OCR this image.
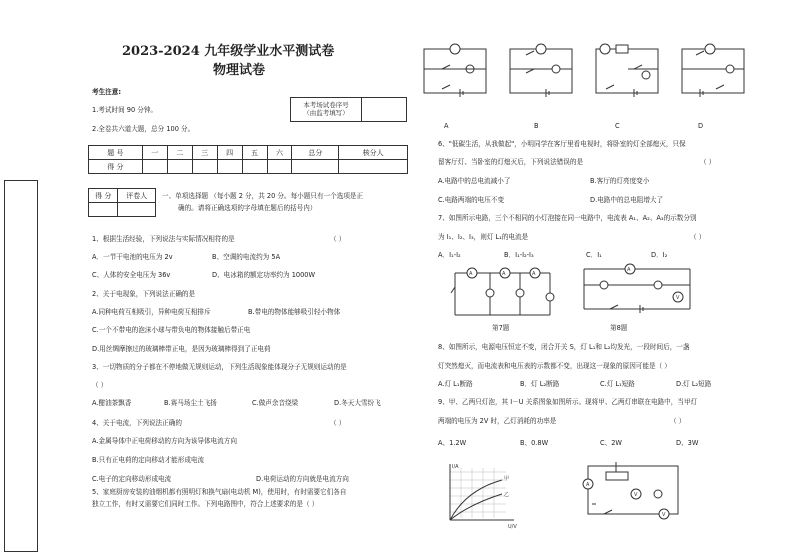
2023-2024 九年级学业水平测试卷
物理试卷
考生注意:
1.考试时间 90 分钟。
2.全卷共六道大题，总分 100 分。
本考场试卷序号
（由监考填写）	
题 号	一	二	三	四	五	六	总分	核分人
得 分								
得 分	评卷人
	一、单项选择题 （每小题 2 分，共 20 分。每小题只有一个选项是正
确的。请将正确选项的字母填在题后的括号内）
1、根据生活经验，下列说法与实际情况相符的是	（ ）
A．一节干电池的电压为 2v	B、空调的电流约为 5A
C、人体的安全电压为 36v	D、电冰箱的额定功率约为 1000W
2、关于电现象，下列说法正确的是
A.同种电荷互相吸引，异种电荷互相排斥	B.带电的物体能够吸引轻小物体
C.一个不带电的泡沫小球与带负电的物体接触后带正电
D.用丝绸摩擦过的玻璃棒带正电，是因为玻璃棒得到了正电荷
3、一切物质的分子都在不停地做无规则运动，下列生活现象能体现分子无规则运动的是
（ ）
A.酣油茶飘香	B.赛马场尘土飞扬	C.做声余音绕梁	D.冬天大雪纷飞
4、关于电流，下列说法正确的	（ ）
A.金属导体中正电荷移动的方向为该导体电流方向
B.只有正电荷的定向移动才能形成电流
C.电子的定向移动形成电流	D.电荷运动的方向就是电流方向
5、家庭厨房安装的油烟机都有照明灯和换气扇(电动机 M)，使用时，有时需要它们各自
独立工作，有时又需要它们同时工作。下列电路图中，符合上述要求的是（ ）
A	B	C	D
6、"低碳生活，从我做起"，小明同学在客厅里看电视时，将卧室的灯全部熄灭，只保
留客厅灯、当卧室的灯熄灭后，下列说法错误的是	（ ）
A.电路中的总电流减小了	B.客厅的灯亮度变小
C.电路两端的电压不变	D.电路中的总电阻增大了
7、如图所示电路，三个不相同的小灯泡接在同一电路中，电流表 A₁、A₂、A₃的示数分别
为 I₁、I₂、I₃，则灯 L₁的电流是	（ ）
A．I₁-I₂	B．I₁-I₂-I₃	C．I₁	D．I₂
A	A	A
第7题
A
V
第8题
8、如图所示，电源电压恒定不变，闭合开关 S，灯 L₁和 L₂均发光，一段时间后，一盏
灯突然熄灭，而电流表和电压表的示数都不变，出现这一现象的原因可能是（ ）
A.灯 L₁断路	B．灯 L₂断路	C.灯 L₁短路	D.灯 L₂短路
9、甲、乙两只灯泡，其 I－U 关系图象如图所示。现将甲、乙两灯串联在电路中，当甲灯
两端的电压为 2V 时，乙灯消耗的功率是	（ ）
A、1.2W	B、0.8W	C、2W	D、3W
I/A
U/V
甲
乙
A
V
V
